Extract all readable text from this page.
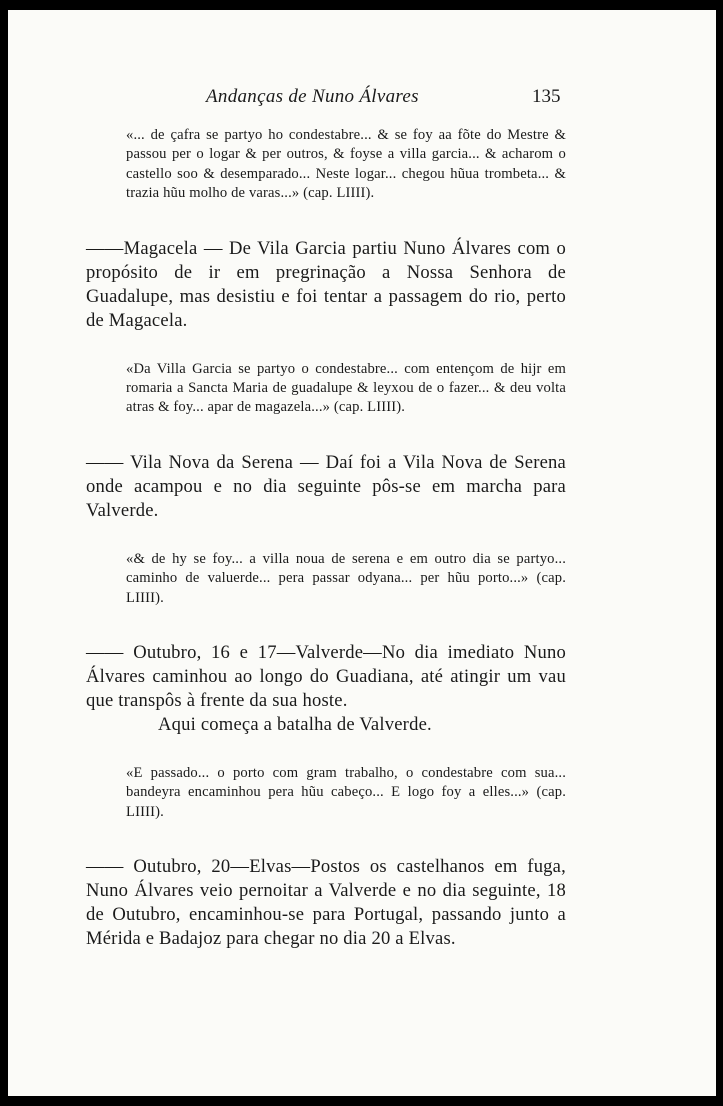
Andanças de Nuno Álvares	135

«... de çafra se partyo ho condestabre... & se foy aa fõte do Mestre & passou per o logar & per outros, & foyse a villa garcia... & acharom o castello soo & desemparado... Neste logar... chegou hũua trombeta... & trazia hũu molho de varas...» (cap. LIIII).

——Magacela — De Vila Garcia partiu Nuno Álvares com o propósito de ir em pregrinação a Nossa Senhora de Guadalupe, mas desistiu e foi tentar a passagem do rio, perto de Magacela.

«Da Villa Garcia se partyo o condestabre... com entençom de hijr em romaria a Sancta Maria de guadalupe & leyxou de o fazer... & deu volta atras & foy... apar de magazela...» (cap. LIIII).

—— Vila Nova da Serena — Daí foi a Vila Nova de Serena onde acampou e no dia seguinte pôs-se em marcha para Valverde.

«& de hy se foy... a villa noua de serena e em outro dia se partyo... caminho de valuerde... pera passar odyana... per hũu porto...» (cap. LIIII).

—— Outubro, 16 e 17—Valverde—No dia imediato Nuno Álvares caminhou ao longo do Guadiana, até atingir um vau que transpôs à frente da sua hoste.

Aqui começa a batalha de Valverde.

«E passado... o porto com gram trabalho, o condestabre com sua... bandeyra encaminhou pera hũu cabeço... E logo foy a elles...» (cap. LIIII).

—— Outubro, 20—Elvas—Postos os castelhanos em fuga, Nuno Álvares veio pernoitar a Valverde e no dia seguinte, 18 de Outubro, encaminhou-se para Portugal, passando junto a Mérida e Badajoz para chegar no dia 20 a Elvas.
